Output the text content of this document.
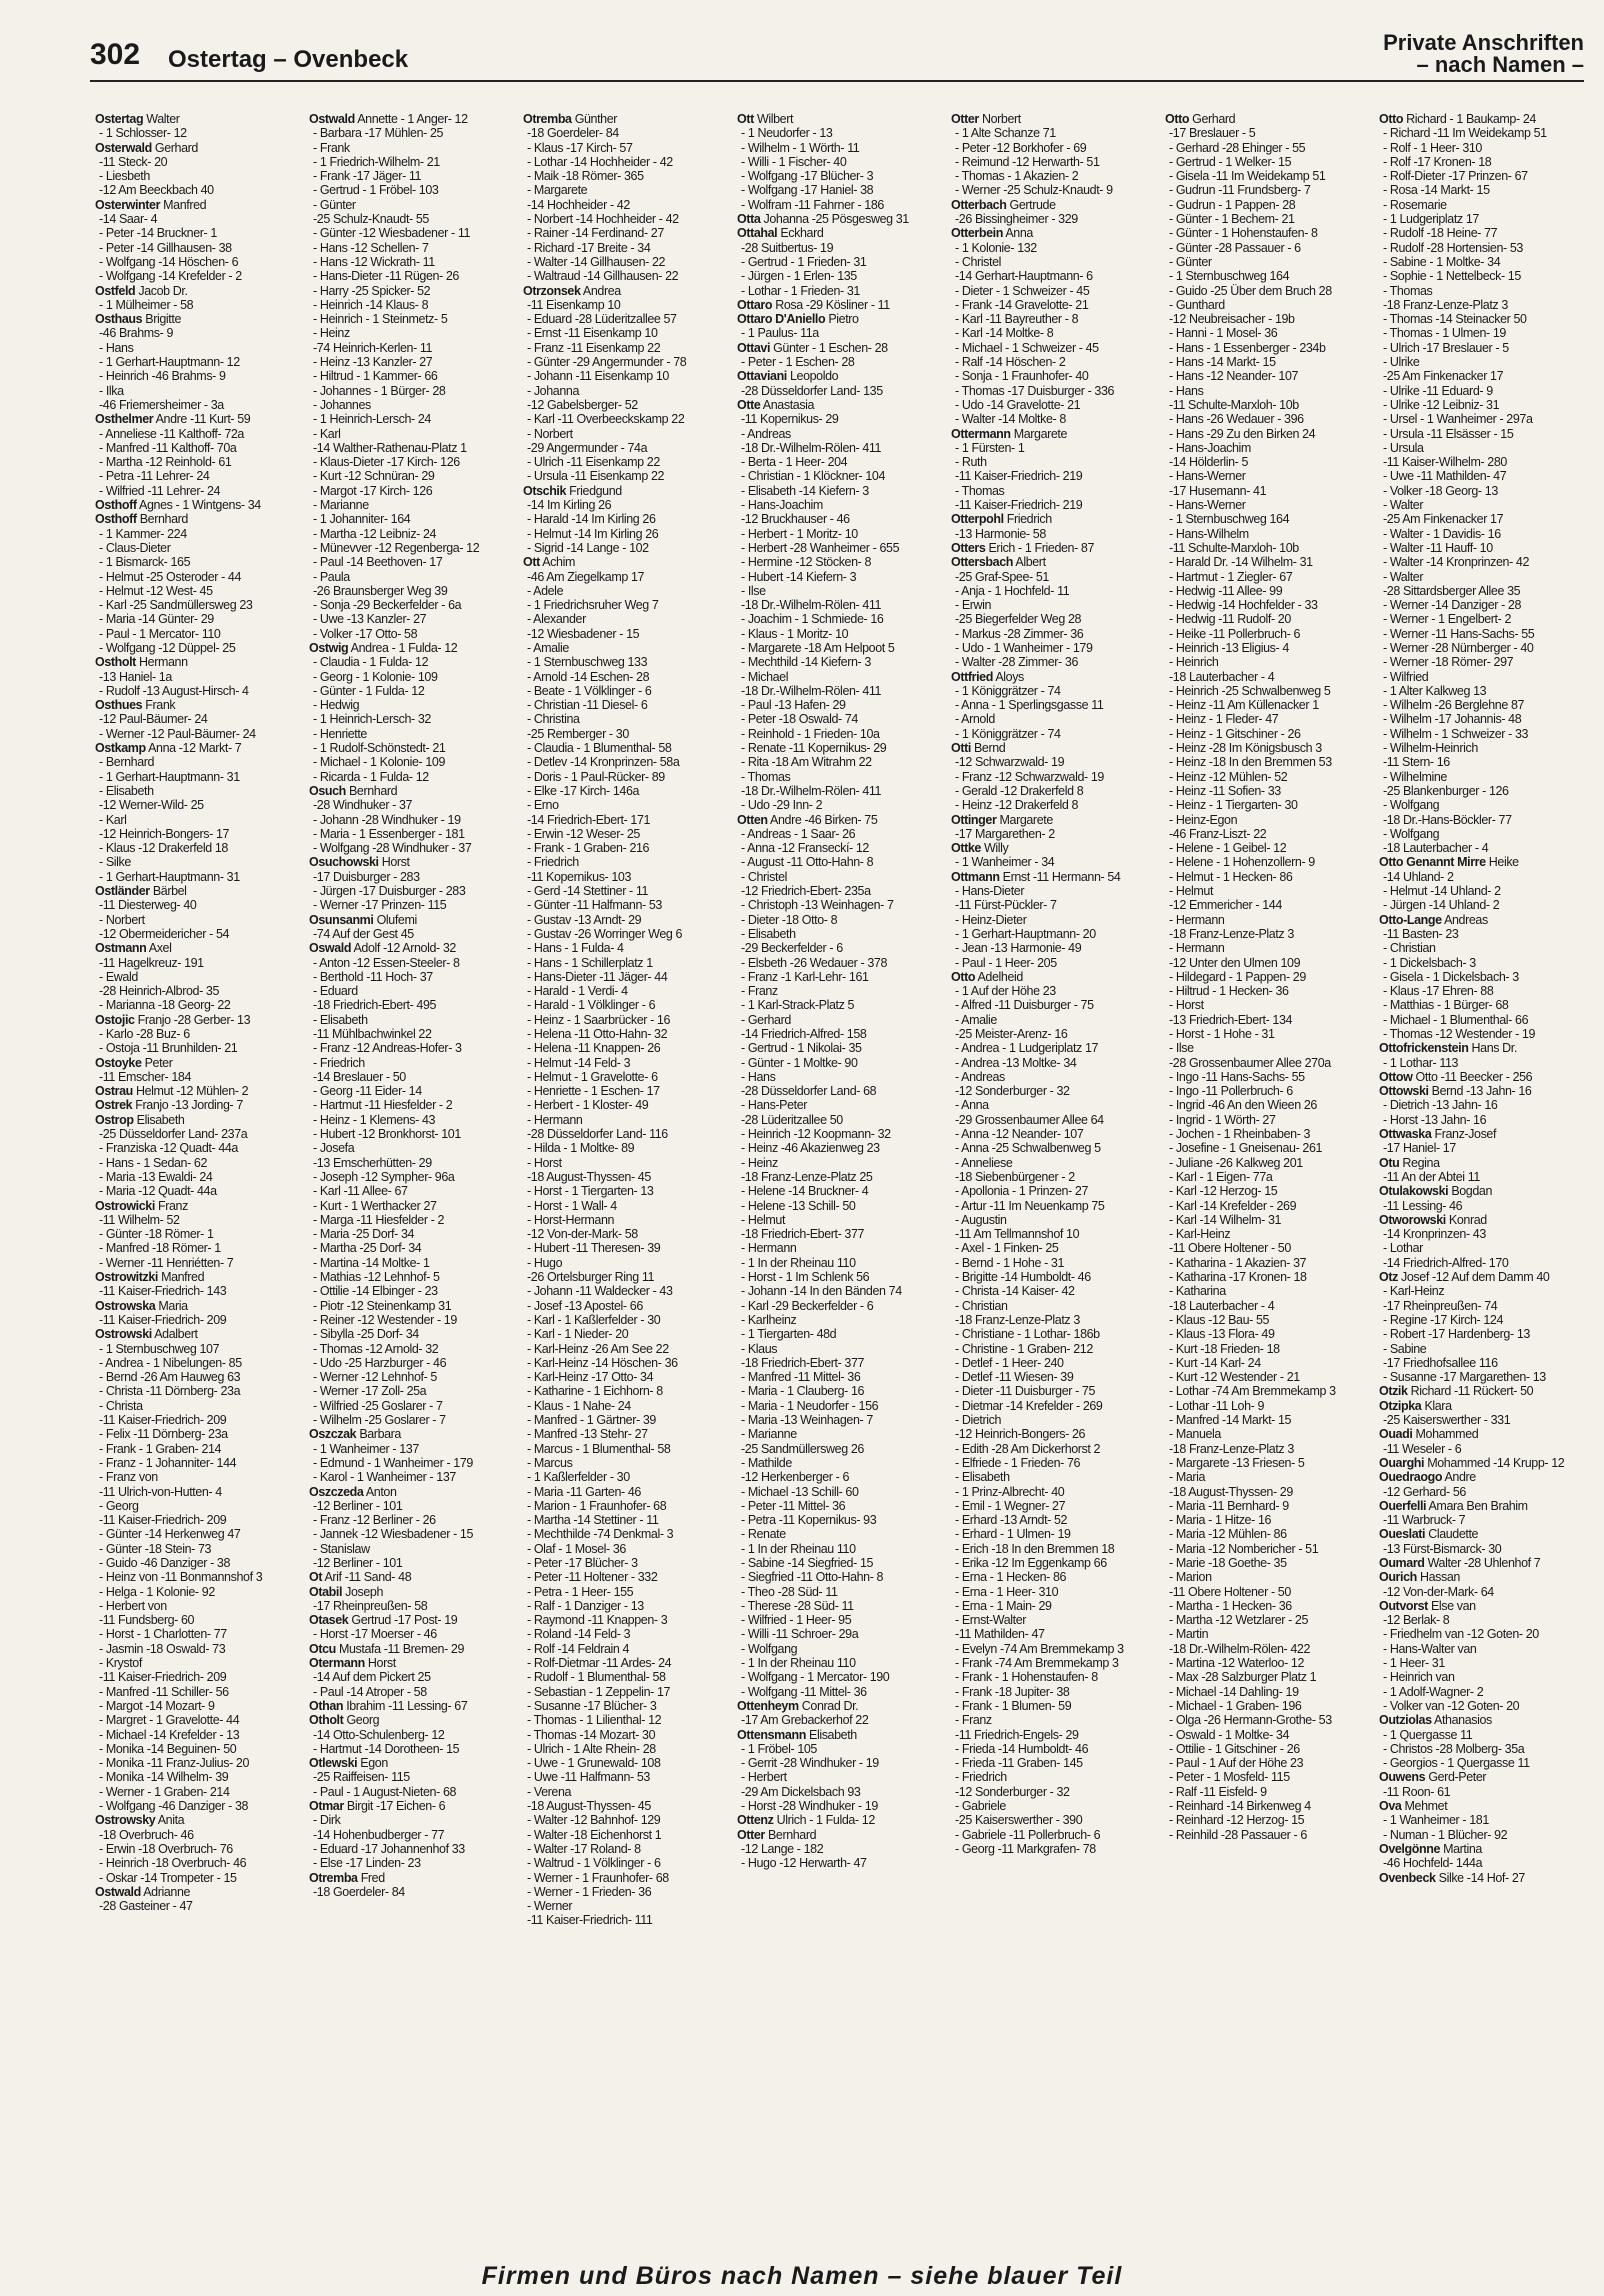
302 Ostertag – Ovenbeck
Private Anschriften
– nach Namen –
Ostertag Walter
- 1 Schlosser- 12
Osterwald Gerhard
-11 Steck- 20
- Liesbeth
-12 Am Beeckbach 40
Osterwinter Manfred
-14 Saar- 4
- Peter -14 Bruckner- 1
- Peter -14 Gillhausen- 38
- Wolfgang -14 Höschen- 6
- Wolfgang -14 Krefelder - 2
Ostfeld Jacob Dr.
- 1 Mülheimer - 58
Osthaus Brigitte
-46 Brahms- 9
- Hans
- 1 Gerhart-Hauptmann- 12
- Heinrich -46 Brahms- 9
- Ilka
-46 Friemersheimer - 3a
Osthelmer Andre -11 Kurt- 59
- Anneliese -11 Kalthoff- 72a
- Manfred -11 Kalthoff- 70a
- Martha -12 Reinhold- 61
- Petra -11 Lehrer- 24
- Wilfried -11 Lehrer- 24
Osthoff Agnes - 1 Wintgens- 34
Osthoff Bernhard
- 1 Kammer- 224
- Claus-Dieter
- 1 Bismarck- 165
- Helmut -25 Osteroder - 44
- Helmut -12 West- 45
- Karl -25 Sandmüllersweg 23
- Maria -14 Günter- 29
- Paul - 1 Mercator- 110
- Wolfgang -12 Düppel- 25
Ostholt Hermann
-13 Haniel- 1a
- Rudolf -13 August-Hirsch- 4
Osthues Frank
-12 Paul-Bäumer- 24
- Werner -12 Paul-Bäumer- 24
Ostkamp Anna -12 Markt- 7
- Bernhard
- 1 Gerhart-Hauptmann- 31
- Elisabeth
-12 Werner-Wild- 25
- Karl
-12 Heinrich-Bongers- 17
- Klaus -12 Drakerfeld 18
- Silke
- 1 Gerhart-Hauptmann- 31
Ostländer Bärbel
-11 Diesterweg- 40
- Norbert
-12 Obermeidericher - 54
Ostmann Axel
-11 Hagelkreuz- 191
- Ewald
-28 Heinrich-Albrod- 35
- Marianna -18 Georg- 22
Ostojic Franjo -28 Gerber- 13
- Karlo -28 Buz- 6
- Ostoja -11 Brunhilden- 21
Ostoyke Peter
-11 Emscher- 184
Ostrau Helmut -12 Mühlen- 2
Ostrek Franjo -13 Jording- 7
Ostrop Elisabeth
-25 Düsseldorfer Land- 237a
- Franziska -12 Quadt- 44a
- Hans - 1 Sedan- 62
- Maria -13 Ewaldi- 24
- Maria -12 Quadt- 44a
Ostrowicki Franz
-11 Wilhelm- 52
- Günter -18 Römer- 1
- Manfred -18 Römer- 1
- Werner -11 Henriétten- 7
Ostrowitzki Manfred
-11 Kaiser-Friedrich- 143
Ostrowska Maria
-11 Kaiser-Friedrich- 209
Ostrowski Adalbert
- 1 Sternbuschweg 107
- Andrea - 1 Nibelungen- 85
- Bernd -26 Am Hauweg 63
- Christa -11 Dörnberg- 23a
- Christa
-11 Kaiser-Friedrich- 209
- Felix -11 Dörnberg- 23a
- Frank - 1 Graben- 214
- Franz - 1 Johanniter- 144
- Franz von
-11 Ulrich-von-Hutten- 4
- Georg
-11 Kaiser-Friedrich- 209
- Günter -14 Herkenweg 47
- Günter -18 Stein- 73
- Guido -46 Danziger - 38
- Heinz von -11 Bonmannshof 3
- Helga - 1 Kolonie- 92
- Herbert von
-11 Fundsberg- 60
- Horst - 1 Charlotten- 77
- Jasmin -18 Oswald- 73
- Krystof
-11 Kaiser-Friedrich- 209
- Manfred -11 Schiller- 56
- Margot -14 Mozart- 9
- Margret - 1 Gravelotte- 44
- Michael -14 Krefelder - 13
- Monika -14 Beguinen- 50
- Monika -11 Franz-Julius- 20
- Monika -14 Wilhelm- 39
- Werner - 1 Graben- 214
- Wolfgang -46 Danziger - 38
Ostrowsky Anita
-18 Overbruch- 46
- Erwin -18 Overbruch- 76
- Heinrich -18 Overbruch- 46
- Oskar -14 Trompeter - 15
Ostwald Adrianne
-28 Gasteiner - 47
Ostwald Annette - 1 Anger- 12
- Barbara -17 Mühlen- 25
- Frank
- 1 Friedrich-Wilhelm- 21
- Frank -17 Jäger- 11
- Gertrud - 1 Fröbel- 103
- Günter
-25 Schulz-Knaudt- 55
- Günter -12 Wiesbadener - 11
- Hans -12 Schellen- 7
- Hans -12 Wickrath- 11
- Hans-Dieter -11 Rügen- 26
- Harry -25 Spicker- 52
- Heinrich -14 Klaus- 8
- Heinrich - 1 Steinmetz- 5
- Heinz
-74 Heinrich-Kerlen- 11
- Heinz -13 Kanzler- 27
- Hiltrud - 1 Kammer- 66
- Johannes - 1 Bürger- 28
- Johannes
- 1 Heinrich-Lersch- 24
- Karl
-14 Walther-Rathenau-Platz 1
- Klaus-Dieter -17 Kirch- 126
- Kurt -12 Schnüran- 29
- Margot -17 Kirch- 126
- Marianne
- 1 Johanniter- 164
- Martha -12 Leibniz- 24
- Münevver -12 Regenberga- 12
- Paul -14 Beethoven- 17
- Paula
-26 Braunsberger Weg 39
- Sonja -29 Beckerfelder - 6a
- Uwe -13 Kanzler- 27
- Volker -17 Otto- 58
Ostwig Andrea - 1 Fulda- 12
- Claudia - 1 Fulda- 12
- Georg - 1 Kolonie- 109
- Günter - 1 Fulda- 12
- Hedwig
- 1 Heinrich-Lersch- 32
- Henriette
- 1 Rudolf-Schönstedt- 21
- Michael - 1 Kolonie- 109
- Ricarda - 1 Fulda- 12
Osuch Bernhard
-28 Windhuker - 37
- Johann -28 Windhuker - 19
- Maria - 1 Essenberger - 181
- Wolfgang -28 Windhuker - 37
Osuchowski Horst
-17 Duisburger - 283
- Jürgen -17 Duisburger - 283
- Werner -17 Prinzen- 115
Osunsanmi Olufemi
-74 Auf der Gest 45
Oswald Adolf -12 Arnold- 32
- Anton -12 Essen-Steeler- 8
- Berthold -11 Hoch- 37
- Eduard
-18 Friedrich-Ebert- 495
- Elisabeth
-11 Mühlbachwinkel 22
- Franz -12 Andreas-Hofer- 3
- Friedrich
-14 Breslauer - 50
- Georg -11 Eider- 14
- Hartmut -11 Hiesfelder - 2
- Heinz - 1 Klemens- 43
- Hubert -12 Bronkhorst- 101
- Josefa
-13 Emscherhütten- 29
- Joseph -12 Sympher- 96a
- Karl -11 Allee- 67
- Kurt - 1 Werthacker 27
- Marga -11 Hiesfelder - 2
- Maria -25 Dorf- 34
- Martha -25 Dorf- 34
- Martina -14 Moltke- 1
- Mathias -12 Lehnhof- 5
- Ottilie -14 Elbinger - 23
- Piotr -12 Steinenkamp 31
- Reiner -12 Westender - 19
- Sibylla -25 Dorf- 34
- Thomas -12 Arnold- 32
- Udo -25 Harzburger - 46
- Werner -12 Lehnhof- 5
- Werner -17 Zoll- 25a
- Wilfried -25 Goslarer - 7
- Wilhelm -25 Goslarer - 7
Oszczak Barbara
- 1 Wanheimer - 137
- Edmund - 1 Wanheimer - 179
- Karol - 1 Wanheimer - 137
Oszczeda Anton
-12 Berliner - 101
- Franz -12 Berliner - 26
- Jannek -12 Wiesbadener - 15
- Stanislaw
-12 Berliner - 101
Ot Arif -11 Sand- 48
Otabil Joseph
-17 Rheinpreußen- 58
Otasek Gertrud -17 Post- 19
- Horst -17 Moerser - 46
Otcu Mustafa -11 Bremen- 29
Otermann Horst
-14 Auf dem Pickert 25
- Paul -14 Atroper - 58
Othan Ibrahim -11 Lessing- 67
Otholt Georg
-14 Otto-Schulenberg- 12
- Hartmut -14 Dorotheen- 15
Otlewski Egon
-25 Raiffeisen- 115
- Paul - 1 August-Nieten- 68
Otmar Birgit -17 Eichen- 6
- Dirk
-14 Hohenbudberger - 77
- Eduard -17 Johannenhof 33
- Else -17 Linden- 23
Otremba Fred
-18 Goerdeler- 84
Otremba Günther
-18 Goerdeler- 84
- Klaus -17 Kirch- 57
- Lothar -14 Hochheider - 42
- Maik -18 Römer- 365
- Margarete
-14 Hochheider - 42
- Norbert -14 Hochheider - 42
- Rainer -14 Ferdinand- 27
- Richard -17 Breite - 34
- Walter -14 Gillhausen- 22
- Waltraud -14 Gillhausen- 22
Otrzonsek Andrea
-11 Eisenkamp 10
- Eduard -28 Lüderitzallee 57
- Ernst -11 Eisenkamp 10
- Franz -11 Eisenkamp 22
- Günter -29 Angermunder - 78
- Johann -11 Eisenkamp 10
- Johanna
-12 Gabelsberger- 52
- Karl -11 Overbeeckskamp 22
- Norbert
-29 Angermunder - 74a
- Ulrich -11 Eisenkamp 22
- Ursula -11 Eisenkamp 22
Otschik Friedgund
-14 Im Kirling 26
- Harald -14 Im Kirling 26
- Helmut -14 Im Kirling 26
- Sigrid -14 Lange - 102
Ott Achim
-46 Am Ziegelkamp 17
- Adele
- 1 Friedrichsruher Weg 7
- Alexander
-12 Wiesbadener - 15
- Amalie
- 1 Sternbuschweg 133
- Arnold -14 Eschen- 28
- Beate - 1 Völklinger - 6
- Christian -11 Diesel- 6
- Christina
-25 Remberger - 30
- Claudia - 1 Blumenthal- 58
- Detlev -14 Kronprinzen- 58a
- Doris - 1 Paul-Rücker- 89
- Elke -17 Kirch- 146a
- Erno
-14 Friedrich-Ebert- 171
- Erwin -12 Weser- 25
- Frank - 1 Graben- 216
- Friedrich
-11 Kopernikus- 103
- Gerd -14 Stettiner - 11
- Günter -11 Halfmann- 53
- Gustav -13 Arndt- 29
- Gustav -26 Worringer Weg 6
- Hans - 1 Fulda- 4
- Hans - 1 Schillerplatz 1
- Hans-Dieter -11 Jäger- 44
- Harald - 1 Verdi- 4
- Harald - 1 Völklinger - 6
- Heinz - 1 Saarbrücker - 16
- Helena -11 Otto-Hahn- 32
- Helena -11 Knappen- 26
- Helmut -14 Feld- 3
- Helmut - 1 Gravelotte- 6
- Henriette - 1 Eschen- 17
- Herbert - 1 Kloster- 49
- Hermann
-28 Düsseldorfer Land- 116
- Hilda - 1 Moltke- 89
- Horst
-18 August-Thyssen- 45
- Horst - 1 Tiergarten- 13
- Horst - 1 Wall- 4
- Horst-Hermann
-12 Von-der-Mark- 58
- Hubert -11 Theresen- 39
- Hugo
-26 Ortelsburger Ring 11
- Johann -11 Waldecker - 43
- Josef -13 Apostel- 66
- Karl - 1 Kaßlerfelder - 30
- Karl - 1 Nieder- 20
- Karl-Heinz -26 Am See 22
- Karl-Heinz -14 Höschen- 36
- Karl-Heinz -17 Otto- 34
- Katharine - 1 Eichhorn- 8
- Klaus - 1 Nahe- 24
- Manfred - 1 Gärtner- 39
- Manfred -13 Stehr- 27
- Marcus - 1 Blumenthal- 58
- Marcus
- 1 Kaßlerfelder - 30
- Maria -11 Garten- 46
- Marion - 1 Fraunhofer- 68
- Martha -14 Stettiner - 11
- Mechthilde -74 Denkmal- 3
- Olaf - 1 Mosel- 36
- Peter -17 Blücher- 3
- Peter -11 Holtener - 332
- Petra - 1 Heer- 155
- Ralf - 1 Danziger - 13
- Raymond -11 Knappen- 3
- Roland -14 Feld- 3
- Rolf -14 Feldrain 4
- Rolf-Dietmar -11 Ardes- 24
- Rudolf - 1 Blumenthal- 58
- Sebastian - 1 Zeppelin- 17
- Susanne -17 Blücher- 3
- Thomas - 1 Lilienthal- 12
- Thomas -14 Mozart- 30
- Ulrich - 1 Alte Rhein- 28
- Uwe - 1 Grunewald- 108
- Uwe -11 Halfmann- 53
- Verena
-18 August-Thyssen- 45
- Walter -12 Bahnhof- 129
- Walter -18 Eichenhorst 1
- Walter -17 Roland- 8
- Waltrud - 1 Völklinger - 6
- Werner - 1 Fraunhofer- 68
- Werner - 1 Frieden- 36
- Werner
-11 Kaiser-Friedrich- 111
Ott Wilbert
- 1 Neudorfer - 13
- Wilhelm - 1 Wörth- 11
- Willi - 1 Fischer- 40
- Wolfgang -17 Blücher- 3
- Wolfgang -17 Haniel- 38
- Wolfram -11 Fahrner - 186
Otta Johanna -25 Pösgesweg 31
Ottahal Eckhard
-28 Suitbertus- 19
- Gertrud - 1 Frieden- 31
- Jürgen - 1 Erlen- 135
- Lothar - 1 Frieden- 31
Ottaro Rosa -29 Kösliner - 11
Ottaro D'Aniello Pietro
- 1 Paulus- 11a
Ottavi Günter - 1 Eschen- 28
- Peter - 1 Eschen- 28
Ottaviani Leopoldo
-28 Düsseldorfer Land- 135
Otte Anastasia
-11 Kopernikus- 29
- Andreas
-18 Dr.-Wilhelm-Rölen- 411
- Berta - 1 Heer- 204
- Christian - 1 Klöckner- 104
- Elisabeth -14 Kiefern- 3
- Hans-Joachim
-12 Bruckhauser - 46
- Herbert - 1 Moritz- 10
- Herbert -28 Wanheimer - 655
- Hermine -12 Stöcken- 8
- Hubert -14 Kiefern- 3
- Ilse
-18 Dr.-Wilhelm-Rölen- 411
- Joachim - 1 Schmiede- 16
- Klaus - 1 Moritz- 10
- Margarete -18 Am Helpoot 5
- Mechthild -14 Kiefern- 3
- Michael
-18 Dr.-Wilhelm-Rölen- 411
- Paul -13 Hafen- 29
- Peter -18 Oswald- 74
- Reinhold - 1 Frieden- 10a
- Renate -11 Kopernikus- 29
- Rita -18 Am Witrahm 22
- Thomas
-18 Dr.-Wilhelm-Rölen- 411
- Udo -29 Inn- 2
Otten Andre -46 Birken- 75
- Andreas - 1 Saar- 26
- Anna -12 Franseckí- 12
- August -11 Otto-Hahn- 8
- Christel
-12 Friedrich-Ebert- 235a
- Christoph -13 Weinhagen- 7
- Dieter -18 Otto- 8
- Elisabeth
-29 Beckerfelder - 6
- Elsbeth -26 Wedauer - 378
- Franz -1 Karl-Lehr- 161
- Franz
- 1 Karl-Strack-Platz 5
- Gerhard
-14 Friedrich-Alfred- 158
- Gertrud - 1 Nikolai- 35
- Günter - 1 Moltke- 90
- Hans
-28 Düsseldorfer Land- 68
- Hans-Peter
-28 Lüderitzallee 50
- Heinrich -12 Koopmann- 32
- Heinz -46 Akazienweg 23
- Heinz
-18 Franz-Lenze-Platz 25
- Helene -14 Bruckner- 4
- Helene -13 Schill- 50
- Helmut
-18 Friedrich-Ebert- 377
- Hermann
- 1 In der Rheinau 110
- Horst - 1 Im Schlenk 56
- Johann -14 In den Bänden 74
- Karl -29 Beckerfelder - 6
- Karlheinz
- 1 Tiergarten- 48d
- Klaus
-18 Friedrich-Ebert- 377
- Manfred -11 Mittel- 36
- Maria - 1 Clauberg- 16
- Maria - 1 Neudorfer - 156
- Maria -13 Weinhagen- 7
- Marianne
-25 Sandmüllersweg 26
- Mathilde
-12 Herkenberger - 6
- Michael -13 Schill- 60
- Peter -11 Mittel- 36
- Petra -11 Kopernikus- 93
- Renate
- 1 In der Rheinau 110
- Sabine -14 Siegfried- 15
- Siegfried -11 Otto-Hahn- 8
- Theo -28 Süd- 11
- Therese -28 Süd- 11
- Wilfried - 1 Heer- 95
- Willi -11 Schroer- 29a
- Wolfgang
- 1 In der Rheinau 110
- Wolfgang - 1 Mercator- 190
- Wolfgang -11 Mittel- 36
Ottenheym Conrad Dr.
-17 Am Grebackerhof 22
Ottensmann Elisabeth
- 1 Fröbel- 105
- Gerrit -28 Windhuker - 19
- Herbert
-29 Am Dickelsbach 93
- Horst -28 Windhuker - 19
Ottenz Ulrich - 1 Fulda- 12
Otter Bernhard
-12 Lange - 182
- Hugo -12 Herwarth- 47
Otter Norbert
- 1 Alte Schanze 71
- Peter -12 Borkhofer - 69
- Reimund -12 Herwarth- 51
- Thomas - 1 Akazien- 2
- Werner -25 Schulz-Knaudt- 9
Otterbach Gertrude
-26 Bissingheimer - 329
Otterbein Anna
- 1 Kolonie- 132
- Christel
-14 Gerhart-Hauptmann- 6
- Dieter - 1 Schweizer - 45
- Frank -14 Gravelotte- 21
- Karl -11 Bayreuther - 8
- Karl -14 Moltke- 8
- Michael - 1 Schweizer - 45
- Ralf -14 Höschen- 2
- Sonja - 1 Fraunhofer- 40
- Thomas -17 Duisburger - 336
- Udo -14 Gravelotte- 21
- Walter -14 Moltke- 8
Ottermann Margarete
- 1 Fürsten- 1
- Ruth
-11 Kaiser-Friedrich- 219
- Thomas
-11 Kaiser-Friedrich- 219
Otterpohl Friedrich
-13 Harmonie- 58
Otters Erich - 1 Frieden- 87
Ottersbach Albert
-25 Graf-Spee- 51
- Anja - 1 Hochfeld- 11
- Erwin
-25 Biegerfelder Weg 28
- Markus -28 Zimmer- 36
- Udo - 1 Wanheimer - 179
- Walter -28 Zimmer- 36
Ottfried Aloys
- 1 Königgrätzer - 74
- Anna - 1 Sperlingsgasse 11
- Arnold
- 1 Königgrätzer - 74
Otti Bernd
-12 Schwarzwald- 19
- Franz -12 Schwarzwald- 19
- Gerald -12 Drakerfeld 8
- Heinz -12 Drakerfeld 8
Ottinger Margarete
-17 Margarethen- 2
Ottke Willy
- 1 Wanheimer - 34
Ottmann Ernst -11 Hermann- 54
- Hans-Dieter
-11 Fürst-Pückler- 7
- Heinz-Dieter
- 1 Gerhart-Hauptmann- 20
- Jean -13 Harmonie- 49
- Paul - 1 Heer- 205
Otto Adelheid
- 1 Auf der Höhe 23
- Alfred -11 Duisburger - 75
- Amalie
-25 Meister-Arenz- 16
- Andrea - 1 Ludgeriplatz 17
- Andrea -13 Moltke- 34
- Andreas
-12 Sonderburger - 32
- Anna
-29 Grossenbaumer Allee 64
- Anna -12 Neander- 107
- Anna -25 Schwalbenweg 5
- Anneliese
-18 Siebenbürgener - 2
- Apollonia - 1 Prinzen- 27
- Artur -11 Im Neuenkamp 75
- Augustin
-11 Am Tellmannshof 10
- Axel - 1 Finken- 25
- Bernd - 1 Hohe - 31
- Brigitte -14 Humboldt- 46
- Christa -14 Kaiser- 42
- Christian
-18 Franz-Lenze-Platz 3
- Christiane - 1 Lothar- 186b
- Christine - 1 Graben- 212
- Detlef - 1 Heer- 240
- Detlef -11 Wiesen- 39
- Dieter -11 Duisburger - 75
- Dietmar -14 Krefelder - 269
- Dietrich
-12 Heinrich-Bongers- 26
- Edith -28 Am Dickerhorst 2
- Elfriede - 1 Frieden- 76
- Elisabeth
- 1 Prinz-Albrecht- 40
- Emil - 1 Wegner- 27
- Erhard -13 Arndt- 52
- Erhard - 1 Ulmen- 19
- Erich -18 In den Bremmen 18
- Erika -12 Im Eggenkamp 66
- Erna - 1 Hecken- 86
- Erna - 1 Heer- 310
- Erna - 1 Main- 29
- Ernst-Walter
-11 Mathilden- 47
- Evelyn -74 Am Bremmekamp 3
- Frank -74 Am Bremmekamp 3
- Frank - 1 Hohenstaufen- 8
- Frank -18 Jupiter- 38
- Frank - 1 Blumen- 59
- Franz
-11 Friedrich-Engels- 29
- Frieda -14 Humboldt- 46
- Frieda -11 Graben- 145
- Friedrich
-12 Sonderburger - 32
- Gabriele
-25 Kaiserswerther - 390
- Gabriele -11 Pollerbruch- 6
- Georg -11 Markgrafen- 78
Otto Gerhard
-17 Breslauer - 5
- Gerhard -28 Ehinger - 55
- Gertrud - 1 Welker- 15
- Gisela -11 Im Weidekamp 51
- Gudrun -11 Frundsberg- 7
- Gudrun - 1 Pappen- 28
- Günter - 1 Bechem- 21
- Günter - 1 Hohenstaufen- 8
- Günter -28 Passauer - 6
- Günter
- 1 Sternbuschweg 164
- Guido -25 Über dem Bruch 28
- Gunthard
-12 Neubreisacher - 19b
- Hanni - 1 Mosel- 36
- Hans - 1 Essenberger - 234b
- Hans -14 Markt- 15
- Hans -12 Neander- 107
- Hans
-11 Schulte-Marxloh- 10b
- Hans -26 Wedauer - 396
- Hans -29 Zu den Birken 24
- Hans-Joachim
-14 Hölderlin- 5
- Hans-Werner
-17 Husemann- 41
- Hans-Werner
- 1 Sternbuschweg 164
- Hans-Wilhelm
-11 Schulte-Marxloh- 10b
- Harald Dr. -14 Wilhelm- 31
- Hartmut - 1 Ziegler- 67
- Hedwig -11 Allee- 99
- Hedwig -14 Hochfelder - 33
- Hedwig -11 Rudolf- 20
- Heike -11 Pollerbruch- 6
- Heinrich -13 Eligius- 4
- Heinrich
-18 Lauterbacher - 4
- Heinrich -25 Schwalbenweg 5
- Heinz -11 Am Küllenacker 1
- Heinz - 1 Fleder- 47
- Heinz - 1 Gitschiner - 26
- Heinz -28 Im Königsbusch 3
- Heinz -18 In den Bremmen 53
- Heinz -12 Mühlen- 52
- Heinz -11 Sofien- 33
- Heinz - 1 Tiergarten- 30
- Heinz-Egon
-46 Franz-Liszt- 22
- Helene - 1 Geibel- 12
- Helene - 1 Hohenzollern- 9
- Helmut - 1 Hecken- 86
- Helmut
-12 Emmericher - 144
- Hermann
-18 Franz-Lenze-Platz 3
- Hermann
-12 Unter den Ulmen 109
- Hildegard - 1 Pappen- 29
- Hiltrud - 1 Hecken- 36
- Horst
-13 Friedrich-Ebert- 134
- Horst - 1 Hohe - 31
- Ilse
-28 Grossenbaumer Allee 270a
- Ingo -11 Hans-Sachs- 55
- Ingo -11 Pollerbruch- 6
- Ingrid -46 An den Wieen 26
- Ingrid - 1 Wörth- 27
- Jochen - 1 Rheinbaben- 3
- Josefine - 1 Gneisenau- 261
- Juliane -26 Kalkweg 201
- Karl - 1 Eigen- 77a
- Karl -12 Herzog- 15
- Karl -14 Krefelder - 269
- Karl -14 Wilhelm- 31
- Karl-Heinz
-11 Obere Holtener - 50
- Katharina - 1 Akazien- 37
- Katharina -17 Kronen- 18
- Katharina
-18 Lauterbacher - 4
- Klaus -12 Bau- 55
- Klaus -13 Flora- 49
- Kurt -18 Frieden- 18
- Kurt -14 Karl- 24
- Kurt -12 Westender - 21
- Lothar -74 Am Bremmekamp 3
- Lothar -11 Loh- 9
- Manfred -14 Markt- 15
- Manuela
-18 Franz-Lenze-Platz 3
- Margarete -13 Friesen- 5
- Maria
-18 August-Thyssen- 29
- Maria -11 Bernhard- 9
- Maria - 1 Hitze- 16
- Maria -12 Mühlen- 86
- Maria -12 Nombericher - 51
- Marie -18 Goethe- 35
- Marion
-11 Obere Holtener - 50
- Martha - 1 Hecken- 36
- Martha -12 Wetzlarer - 25
- Martin
-18 Dr.-Wilhelm-Rölen- 422
- Martina -12 Waterloo- 12
- Max -28 Salzburger Platz 1
- Michael -14 Dahling- 19
- Michael - 1 Graben- 196
- Olga -26 Hermann-Grothe- 53
- Oswald - 1 Moltke- 34
- Ottilie - 1 Gitschiner - 26
- Paul - 1 Auf der Höhe 23
- Peter - 1 Mosfeld- 115
- Ralf -11 Eisfeld- 9
- Reinhard -14 Birkenweg 4
- Reinhard -12 Herzog- 15
- Reinhild -28 Passauer - 6
Otto Richard - 1 Baukamp- 24
- Richard -11 Im Weidekamp 51
- Rolf - 1 Heer- 310
- Rolf -17 Kronen- 18
- Rolf-Dieter -17 Prinzen- 67
- Rosa -14 Markt- 15
- Rosemarie
- 1 Ludgeriplatz 17
- Rudolf -18 Heine- 77
- Rudolf -28 Hortensien- 53
- Sabine - 1 Moltke- 34
- Sophie - 1 Nettelbeck- 15
- Thomas
-18 Franz-Lenze-Platz 3
- Thomas -14 Steinacker 50
- Thomas - 1 Ulmen- 19
- Ulrich -17 Breslauer - 5
- Ulrike
-25 Am Finkenacker 17
- Ulrike -11 Eduard- 9
- Ulrike -12 Leibniz- 31
- Ursel - 1 Wanheimer - 297a
- Ursula -11 Elsässer - 15
- Ursula
-11 Kaiser-Wilhelm- 280
- Uwe -11 Mathilden- 47
- Volker -18 Georg- 13
- Walter
-25 Am Finkenacker 17
- Walter - 1 Davidis- 16
- Walter -11 Hauff- 10
- Walter -14 Kronprinzen- 42
- Walter
-28 Sittardsberger Allee 35
- Werner -14 Danziger - 28
- Werner - 1 Engelbert- 2
- Werner -11 Hans-Sachs- 55
- Werner -28 Nürnberger - 40
- Werner -18 Römer- 297
- Wilfried
- 1 Alter Kalkweg 13
- Wilhelm -26 Berglehne 87
- Wilhelm -17 Johannis- 48
- Wilhelm - 1 Schweizer - 33
- Wilhelm-Heinrich
-11 Stern- 16
- Wilhelmine
-25 Blankenburger - 126
- Wolfgang
-18 Dr.-Hans-Böckler- 77
- Wolfgang
-18 Lauterbacher - 4
Otto Genannt Mirre Heike
-14 Uhland- 2
- Helmut -14 Uhland- 2
- Jürgen -14 Uhland- 2
Otto-Lange Andreas
-11 Basten- 23
- Christian
- 1 Dickelsbach- 3
- Gisela - 1 Dickelsbach- 3
- Klaus -17 Ehren- 88
- Matthias - 1 Bürger- 68
- Michael - 1 Blumenthal- 66
- Thomas -12 Westender - 19
Ottofrickenstein Hans Dr.
- 1 Lothar- 113
Ottow Otto -11 Beecker - 256
Ottowski Bernd -13 Jahn- 16
- Dietrich -13 Jahn- 16
- Horst -13 Jahn- 16
Ottwaska Franz-Josef
-17 Haniel- 17
Otu Regina
-11 An der Abtei 11
Otulakowski Bogdan
-11 Lessing- 46
Otworowski Konrad
-14 Kronprinzen- 43
- Lothar
-14 Friedrich-Alfred- 170
Otz Josef -12 Auf dem Damm 40
- Karl-Heinz
-17 Rheinpreußen- 74
- Regine -17 Kirch- 124
- Robert -17 Hardenberg- 13
- Sabine
-17 Friedhofsallee 116
- Susanne -17 Margarethen- 13
Otzik Richard -11 Rückert- 50
Otzipka Klara
-25 Kaiserswerther - 331
Ouadi Mohammed
-11 Weseler - 6
Ouarghi Mohammed -14 Krupp- 12
Ouedraogo Andre
-12 Gerhard- 56
Ouerfelli Amara Ben Brahim
-11 Warbruck- 7
Oueslati Claudette
-13 Fürst-Bismarck- 30
Oumard Walter -28 Uhlenhof 7
Ourich Hassan
-12 Von-der-Mark- 64
Outvorst Else van
-12 Berlak- 8
- Friedhelm van -12 Goten- 20
- Hans-Walter van
- 1 Heer- 31
- Heinrich van
- 1 Adolf-Wagner- 2
- Volker van -12 Goten- 20
Outziolas Athanasios
- 1 Quergasse 11
- Christos -28 Molberg- 35a
- Georgios - 1 Quergasse 11
Ouwens Gerd-Peter
-11 Roon- 61
Ova Mehmet
- 1 Wanheimer - 181
- Numan - 1 Blücher- 92
Ovelgönne Martina
-46 Hochfeld- 144a
Ovenbeck Silke -14 Hof- 27
Firmen und Büros nach Namen – siehe blauer Teil
